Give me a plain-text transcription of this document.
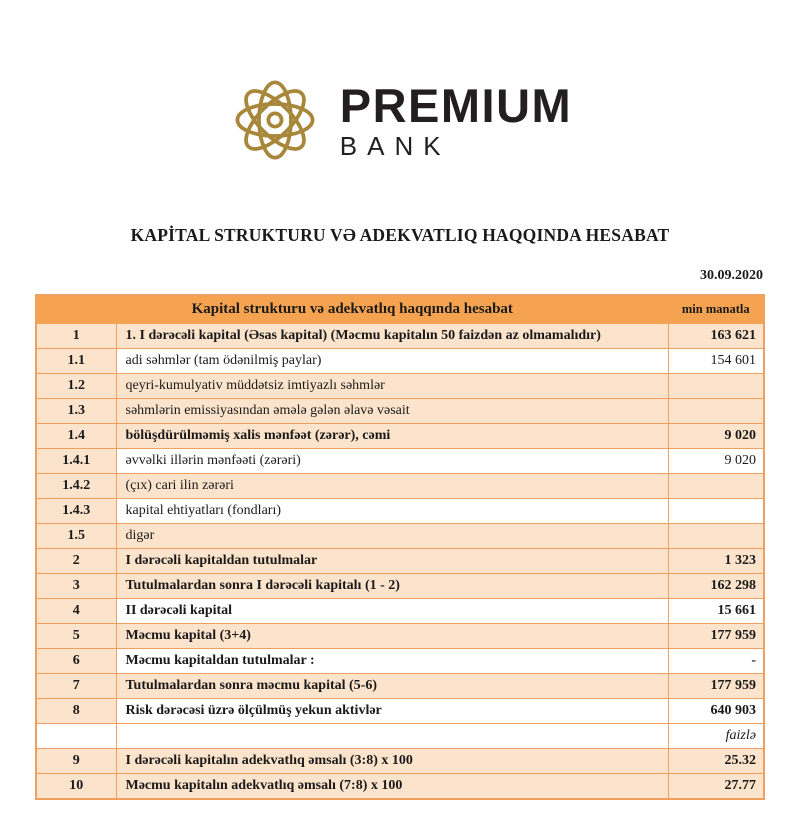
PREMIUM
BANK
KAPİTAL STRUKTURU VƏ ADEKVATLIQ HAQQINDA HESABAT
30.09.2020
Kapital strukturu və adekvatlıq haqqında hesabat		min manatla
1	1. I dərəcəli kapital (Əsas kapital) (Məcmu kapitalın 50 faizdən az olmamalıdır)	163 621
1.1	adi səhmlər (tam ödənilmiş paylar)	154 601
1.2	qeyri-kumulyativ müddətsiz imtiyazlı səhmlər	
1.3	səhmlərin emissiyasından əmələ gələn əlavə vəsait	
1.4	bölüşdürülməmiş xalis mənfəət (zərər), cəmi	9 020
1.4.1	əvvəlki illərin mənfəəti (zərəri)	9 020
1.4.2	(çıx) cari ilin zərəri	
1.4.3	kapital ehtiyatları (fondları)	
1.5	digər	
2	I dərəcəli kapitaldan tutulmalar	1 323
3	Tutulmalardan sonra I dərəcəli kapitalı (1 - 2)	162 298
4	II dərəcəli kapital	15 661
5	Məcmu kapital (3+4)	177 959
6	Məcmu kapitaldan tutulmalar :	-
7	Tutulmalardan sonra məcmu kapital (5-6)	177 959
8	Risk dərəcəsi üzrə ölçülmüş yekun aktivlər	640 903
		faizlə
9	I dərəcəli kapitalın adekvatlıq əmsalı (3:8) x 100	25.32
10	Məcmu kapitalın adekvatlıq əmsalı (7:8) x 100	27.77
